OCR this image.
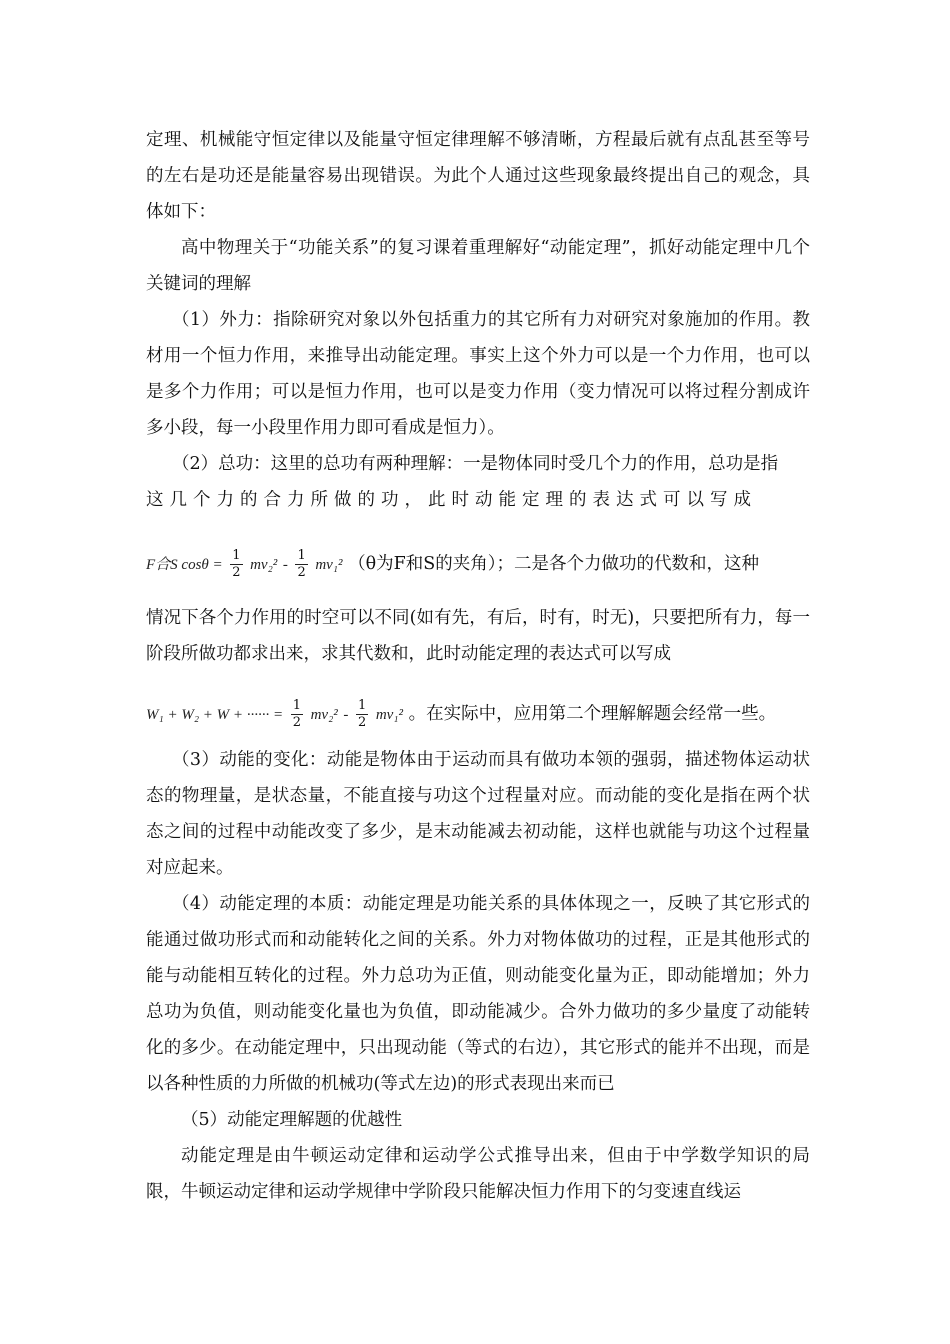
定理、机械能守恒定律以及能量守恒定律理解不够清晰，方程最后就有点乱甚至等号的左右是功还是能量容易出现错误。为此个人通过这些现象最终提出自己的观念，具体如下：

高中物理关于“功能关系”的复习课着重理解好“动能定理”，抓好动能定理中几个关键词的理解

（1）外力：指除研究对象以外包括重力的其它所有力对研究对象施加的作用。教材用一个恒力作用，来推导出动能定理。事实上这个外力可以是一个力作用，也可以是多个力作用；可以是恒力作用，也可以是变力作用（变力情况可以将过程分割成许多小段，每一小段里作用力即可看成是恒力）。

（2）总功：这里的总功有两种理解：一是物体同时受几个力的作用，总功是指

这几个力的合力所做的功，此时动能定理的表达式可以写成

F合S $\cos\theta = \frac{1}{2} mv_2^2 - \frac{1}{2} mv_1^2$ （θ为F和S的夹角）；二是各个力做功的代数和，这种

情况下各个力作用的时空可以不同(如有先，有后，时有，时无)，只要把所有力，每一阶段所做功都求出来，求其代数和，此时动能定理的表达式可以写成

W₁ + W₂ + W + ······ = $\frac{1}{2} mv_2^2 - \frac{1}{2} mv_1^2$ 。在实际中，应用第二个理解解题会经常一些。

（3）动能的变化：动能是物体由于运动而具有做功本领的强弱，描述物体运动状态的物理量，是状态量，不能直接与功这个过程量对应。而动能的变化是指在两个状态之间的过程中动能改变了多少，是末动能减去初动能，这样也就能与功这个过程量对应起来。

（4）动能定理的本质：动能定理是功能关系的具体体现之一，反映了其它形式的能通过做功形式而和动能转化之间的关系。外力对物体做功的过程，正是其他形式的能与动能相互转化的过程。外力总功为正值，则动能变化量为正，即动能增加；外力总功为负值，则动能变化量也为负值，即动能减少。合外力做功的多少量度了动能转化的多少。在动能定理中，只出现动能（等式的右边），其它形式的能并不出现，而是以各种性质的力所做的机械功(等式左边)的形式表现出来而已

（5）动能定理解题的优越性

动能定理是由牛顿运动定律和运动学公式推导出来，但由于中学数学知识的局限，牛顿运动定律和运动学规律中学阶段只能解决恒力作用下的匀变速直线运
